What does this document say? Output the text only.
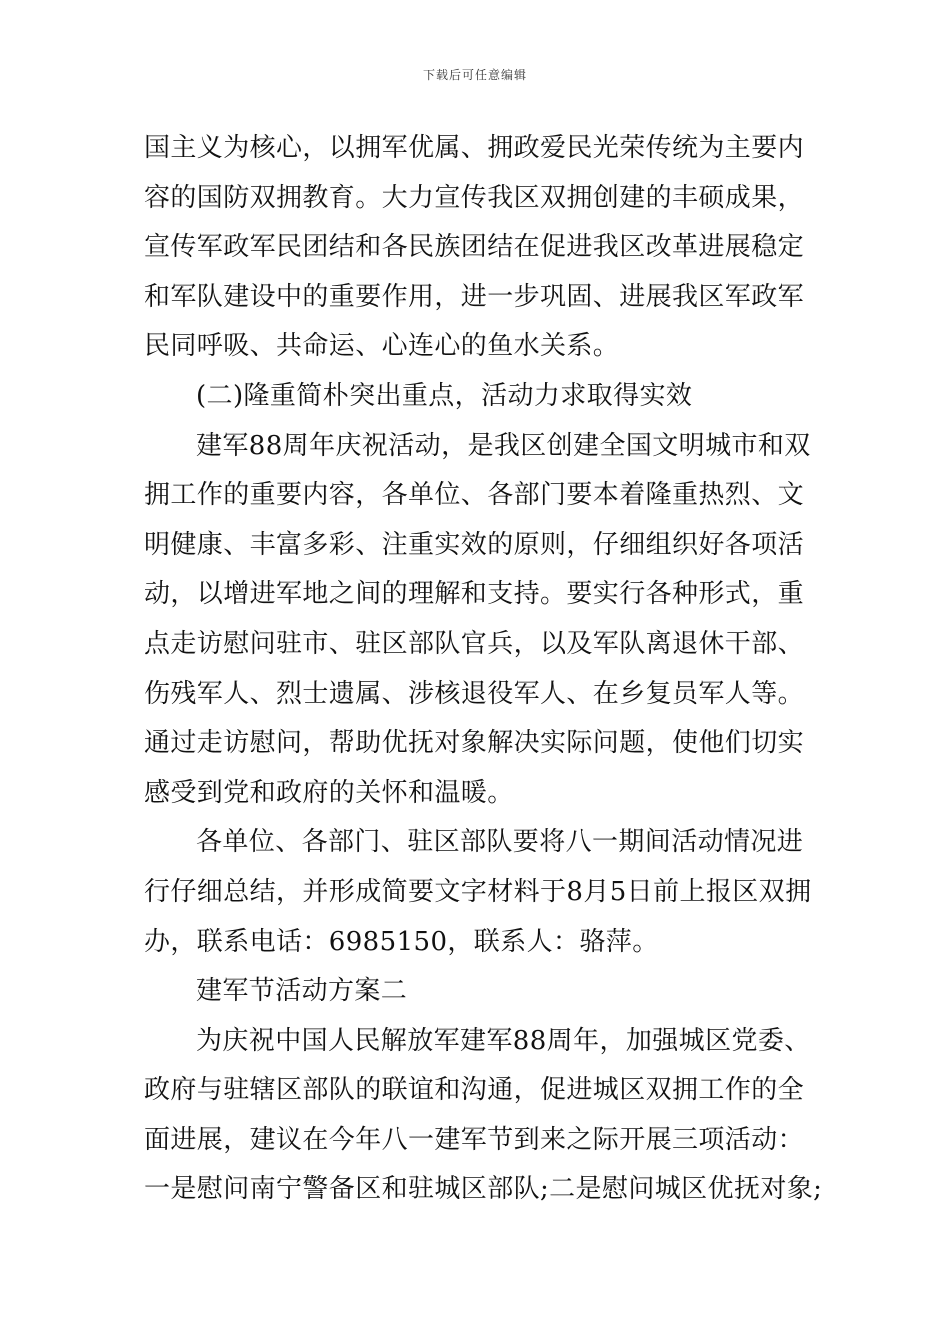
下载后可任意编辑
国主义为核心，以拥军优属、拥政爱民光荣传统为主要内
容的国防双拥教育。大力宣传我区双拥创建的丰硕成果，
宣传军政军民团结和各民族团结在促进我区改革进展稳定
和军队建设中的重要作用，进一步巩固、进展我区军政军
民同呼吸、共命运、心连心的鱼水关系。
(二)隆重简朴突出重点，活动力求取得实效
建军88周年庆祝活动，是我区创建全国文明城市和双
拥工作的重要内容，各单位、各部门要本着隆重热烈、文
明健康、丰富多彩、注重实效的原则，仔细组织好各项活
动，以增进军地之间的理解和支持。要实行各种形式，重
点走访慰问驻市、驻区部队官兵，以及军队离退休干部、
伤残军人、烈士遗属、涉核退役军人、在乡复员军人等。
通过走访慰问，帮助优抚对象解决实际问题，使他们切实
感受到党和政府的关怀和温暖。
各单位、各部门、驻区部队要将八一期间活动情况进
行仔细总结，并形成简要文字材料于8月5日前上报区双拥
办，联系电话：6985150，联系人：骆萍。
建军节活动方案二
为庆祝中国人民解放军建军88周年，加强城区党委、
政府与驻辖区部队的联谊和沟通，促进城区双拥工作的全
面进展，建议在今年八一建军节到来之际开展三项活动：
一是慰问南宁警备区和驻城区部队;二是慰问城区优抚对象;
